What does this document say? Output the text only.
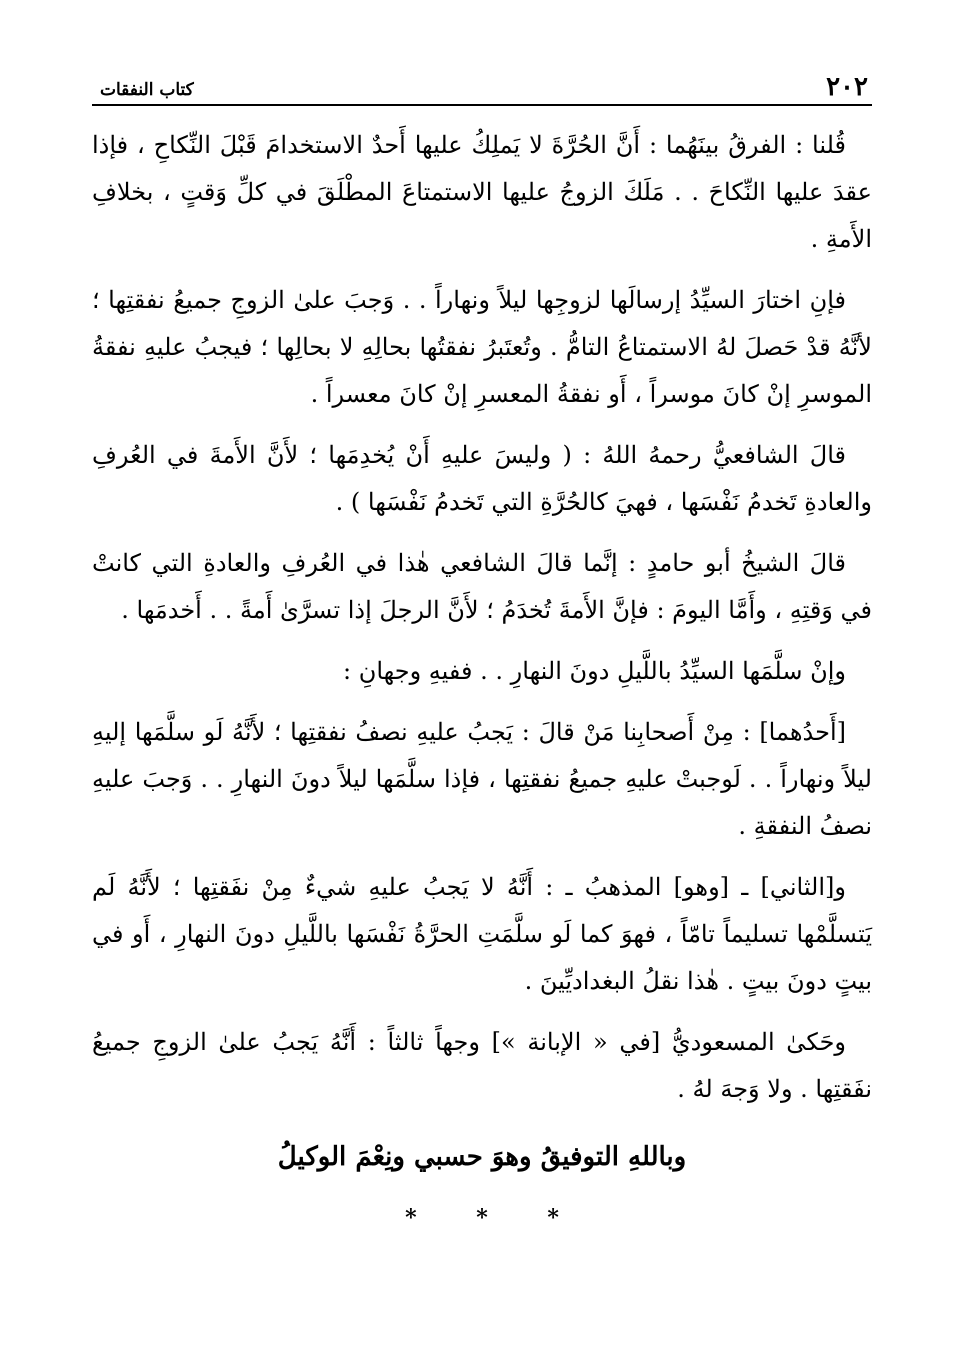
٢٠٢
كتاب النفقات

قُلنا : الفرقُ بينَهُما : أَنَّ الحُرَّةَ لا يَملِكُ عليها أَحدٌ الاستخدامَ قَبْلَ النِّكاحِ ، فإذا عقدَ عليها النِّكاحَ . . مَلَكَ الزوجُ عليها الاستمتاعَ المطْلَقَ في كلِّ وَقتٍ ، بخلافِ الأَمةِ .

فإنِ اختارَ السيِّدُ إرسالَها لزوجِها ليلاً ونهاراً . . وَجبَ علىٰ الزوجِ جميعُ نفقتِها ؛ لأنَّهُ قدْ حَصلَ لهُ الاستمتاعُ التامُّ . وتُعتَبرُ نفقتُها بحالِهِ لا بحالِها ؛ فيجبُ عليهِ نفقةُ الموسرِ إنْ كانَ موسراً ، أَو نفقةُ المعسرِ إنْ كانَ معسراً .

قالَ الشافعيُّ رحمهُ اللهُ : ( وليسَ عليهِ أَنْ يُخدِمَها ؛ لأَنَّ الأَمةَ في العُرفِ والعادةِ تَخدمُ نَفْسَها ، فهيَ كالحُرَّةِ التي تَخدمُ نَفْسَها ) .

قالَ الشيخُ أبو حامدٍ : إنَّما قالَ الشافعي هٰذا في العُرفِ والعادةِ التي كانتْ في وَقتِهِ ، وأَمَّا اليومَ : فإنَّ الأَمةَ تُخدَمُ ؛ لأَنَّ الرجلَ إذا تسرَّىٰ أَمةً . . أَخدمَها .

وإنْ سلَّمَها السيِّدُ باللَّيلِ دونَ النهارِ . . ففيهِ وجهانِ :

[أَحدُهما] : مِنْ أَصحابِنا مَنْ قالَ : يَجبُ عليهِ نصفُ نفقتِها ؛ لأَنَّهُ لَو سلَّمَها إليهِ ليلاً ونهاراً . . لَوجبتْ عليهِ جميعُ نفقتِها ، فإذا سلَّمَها ليلاً دونَ النهارِ . . وَجبَ عليهِ نصفُ النفقةِ .

و[الثاني] ـ [وهو] المذهبُ ـ : أَنَّهُ لا يَجبُ عليهِ شيءٌ مِنْ نفَقتِها ؛ لأَنَّهُ لَم يَتسلَّمْها تسليماً تامّاً ، فهوَ كما لَو سلَّمَتِ الحرَّةُ نَفْسَها باللَّيلِ دونَ النهارِ ، أَو في بيتٍ دونَ بيتٍ . هٰذا نقلُ البغداديِّينَ .

وحَكىٰ المسعوديُّ [في « الإبانة »] وجهاً ثالثاً : أَنَّهُ يَجبُ علىٰ الزوجِ جميعُ نفَقتِها . ولا وَجهَ لهُ .

وباللهِ التوفيقُ وهوَ حسبي ونِعْمَ الوكيلُ
* * *
